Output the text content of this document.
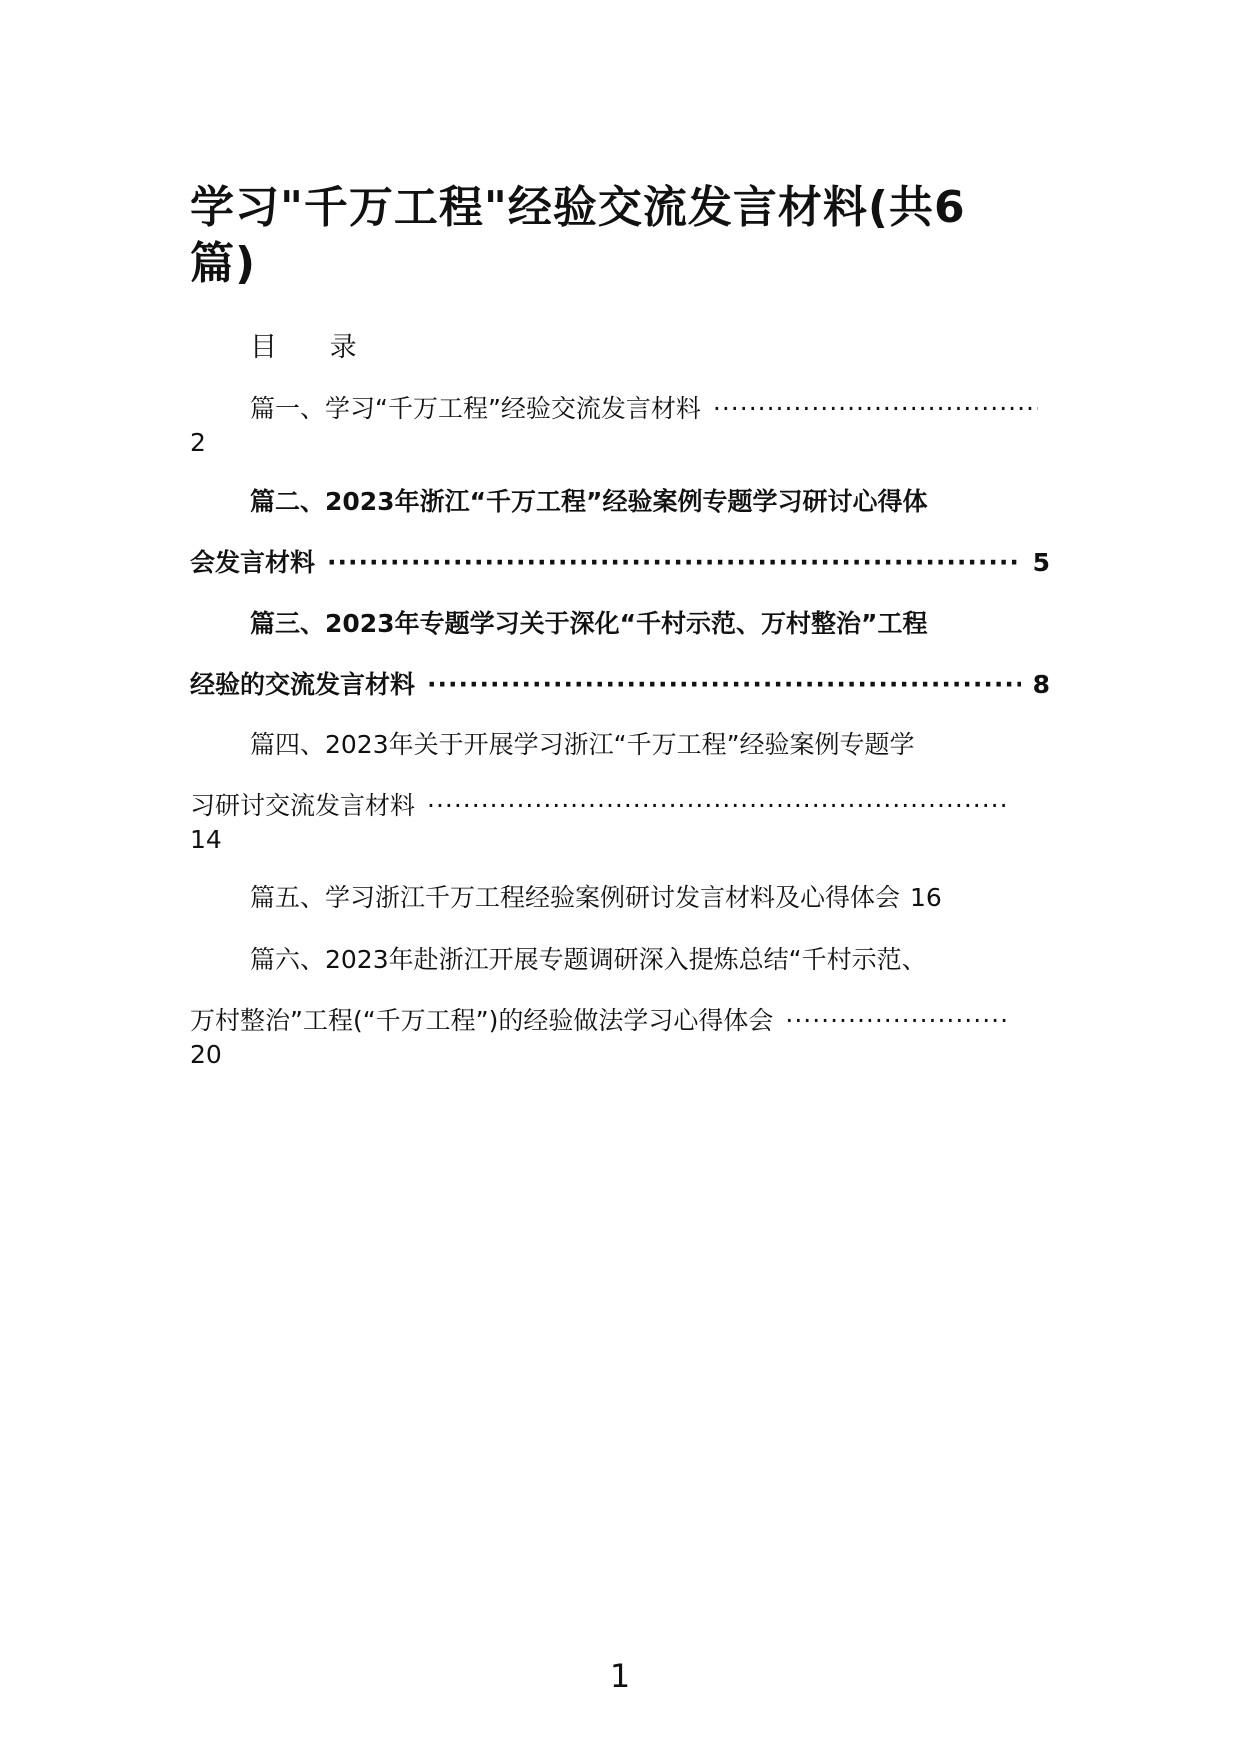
学习"千万工程"经验交流发言材料(共6篇)
目 录
篇一、学习“千万工程”经验交流发言材料
·····
2
篇二、2023年浙江“千万工程”经验案例专题学习研讨心得体
会发言材料 ·····	5
篇三、2023年专题学习关于深化“千村示范、万村整治”工程
经验的交流发言材料 ·····	8
篇四、2023年关于开展学习浙江“千万工程”经验案例专题学
习研讨交流发言材料
·····
14
篇五、学习浙江千万工程经验案例研讨发言材料及心得体会 16
篇六、2023年赴浙江开展专题调研深入提炼总结“千村示范、
万村整治”工程(“千万工程”)的经验做法学习心得体会
·····
20
1
